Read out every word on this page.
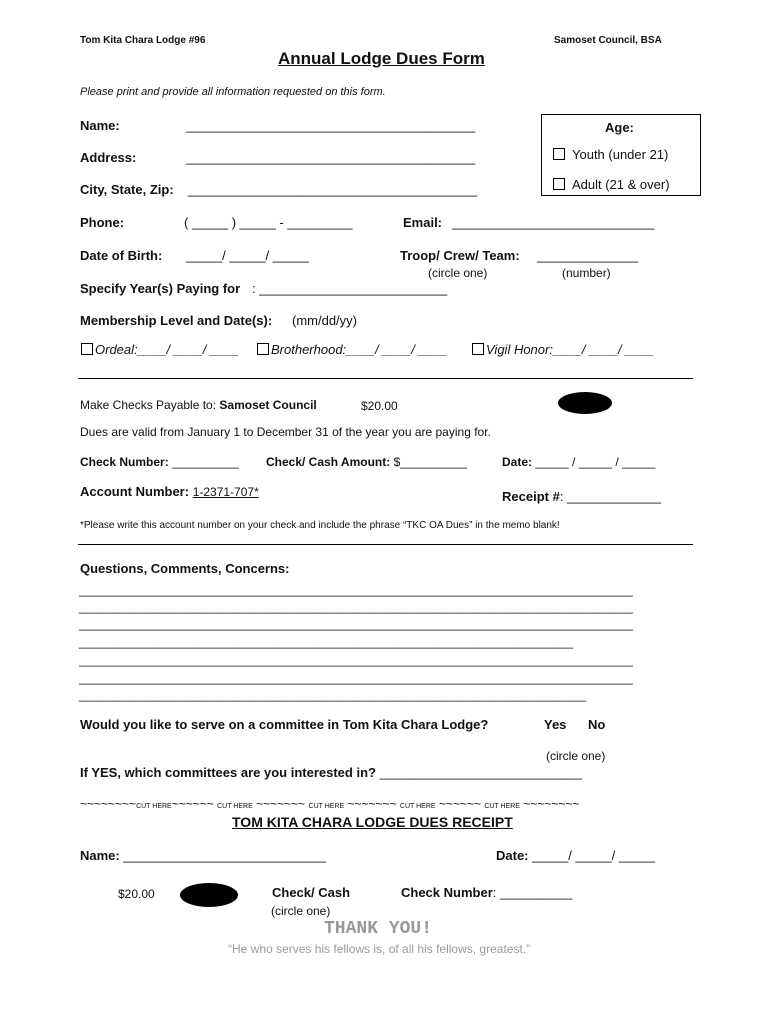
Tom Kita Chara Lodge #96	Samoset Council, BSA
Annual Lodge Dues Form
Please print and provide all information requested on this form.
Name:	________________________________________
Address:	________________________________________
City, State, Zip: ________________________________________
Age:
Youth (under 21)
Adult (21 & over)
Phone:	( _____ ) _____ - _________	Email: ____________________________
Date of Birth: _____/ _____/ _____	Troop/ Crew/ Team: ______________
(circle one)	(number)
Specify Year(s) Paying for : __________________________
Membership Level and Date(s): (mm/dd/yy)
Ordeal:____/ ____/ ____ Brotherhood:____/ ____/ ____	Vigil Honor:____/ ____/ ____
Make Checks Payable to: Samoset Council	$20.00
Dues are valid from January 1 to December 31 of the year you are paying for.
Check Number: __________ Check/ Cash Amount: $__________	Date: _____ / _____ / _____
Account Number: 1-2371-707*	Receipt #: _____________
*Please write this account number on your check and include the phrase “TKC OA Dues” in the memo blank!
Questions, Comments, Concerns:
___________________________________________________________________________________
___________________________________________________________________________________
___________________________________________________________________________________
__________________________________________________________________________
___________________________________________________________________________________
___________________________________________________________________________________
____________________________________________________________________________
Would you like to serve on a committee in Tom Kita Chara Lodge?	Yes No
(circle one)
If YES, which committees are you interested in? ____________________________
~~~~~~~~CUT HERE~~~~~~ CUT HERE ~~~~~~~ CUT HERE ~~~~~~~ CUT HERE ~~~~~~ CUT HERE ~~~~~~~~
TOM KITA CHARA LODGE DUES RECEIPT
Name: ____________________________	Date: _____/ _____/ _____
$20.00	Check/ Cash
(circle one)
Check Number: __________
THANK YOU!
“He who serves his fellows is, of all his fellows, greatest.”
